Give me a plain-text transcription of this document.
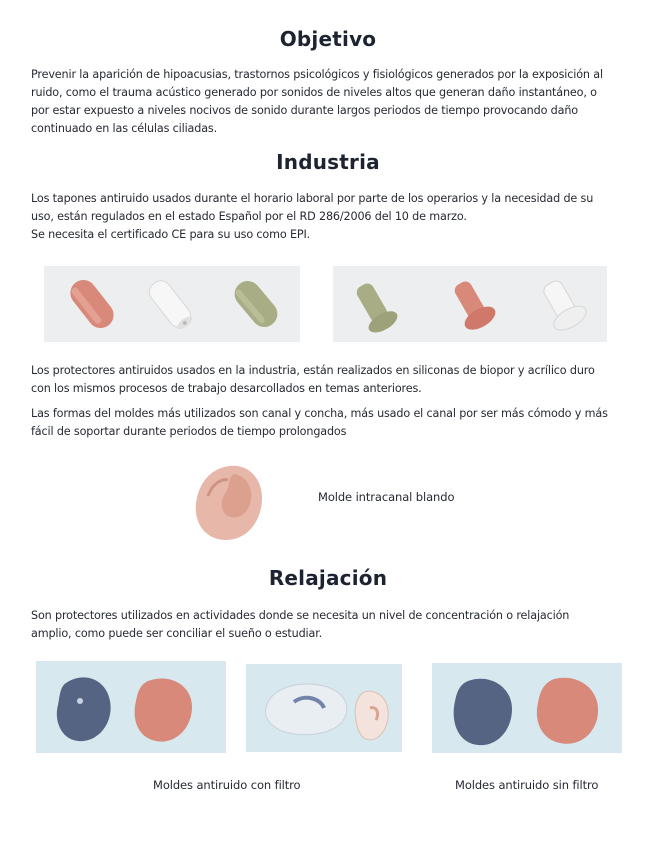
Objetivo
Prevenir la aparición de hipoacusias, trastornos psicológicos y fisiológicos generados por la exposición al
ruido, como el trauma acústico generado por sonidos de niveles altos que generan daño instantáneo, o
por estar expuesto a niveles nocivos de sonido durante largos periodos de tiempo provocando daño
continuado en las células ciliadas.
Industria
Los tapones antiruido usados durante el horario laboral por parte de los operarios y la necesidad de su
uso, están regulados en el estado Español por el RD 286/2006 del 10 de marzo.
Se necesita el certificado CE para su uso como EPI.
Los protectores antiruidos usados en la industria, están realizados en siliconas de biopor y acrílico duro
con los mismos procesos de trabajo desarcollados en temas anteriores.
Las formas del moldes más utilizados son canal y concha, más usado el canal por ser más cómodo y más
fácil de soportar durante periodos de tiempo prolongados
Molde intracanal blando
Relajación
Son protectores utilizados en actividades donde se necesita un nivel de concentración o relajación
amplio, como puede ser conciliar el sueño o estudiar.
Moldes antiruido con filtro	Moldes antiruido sin filtro
